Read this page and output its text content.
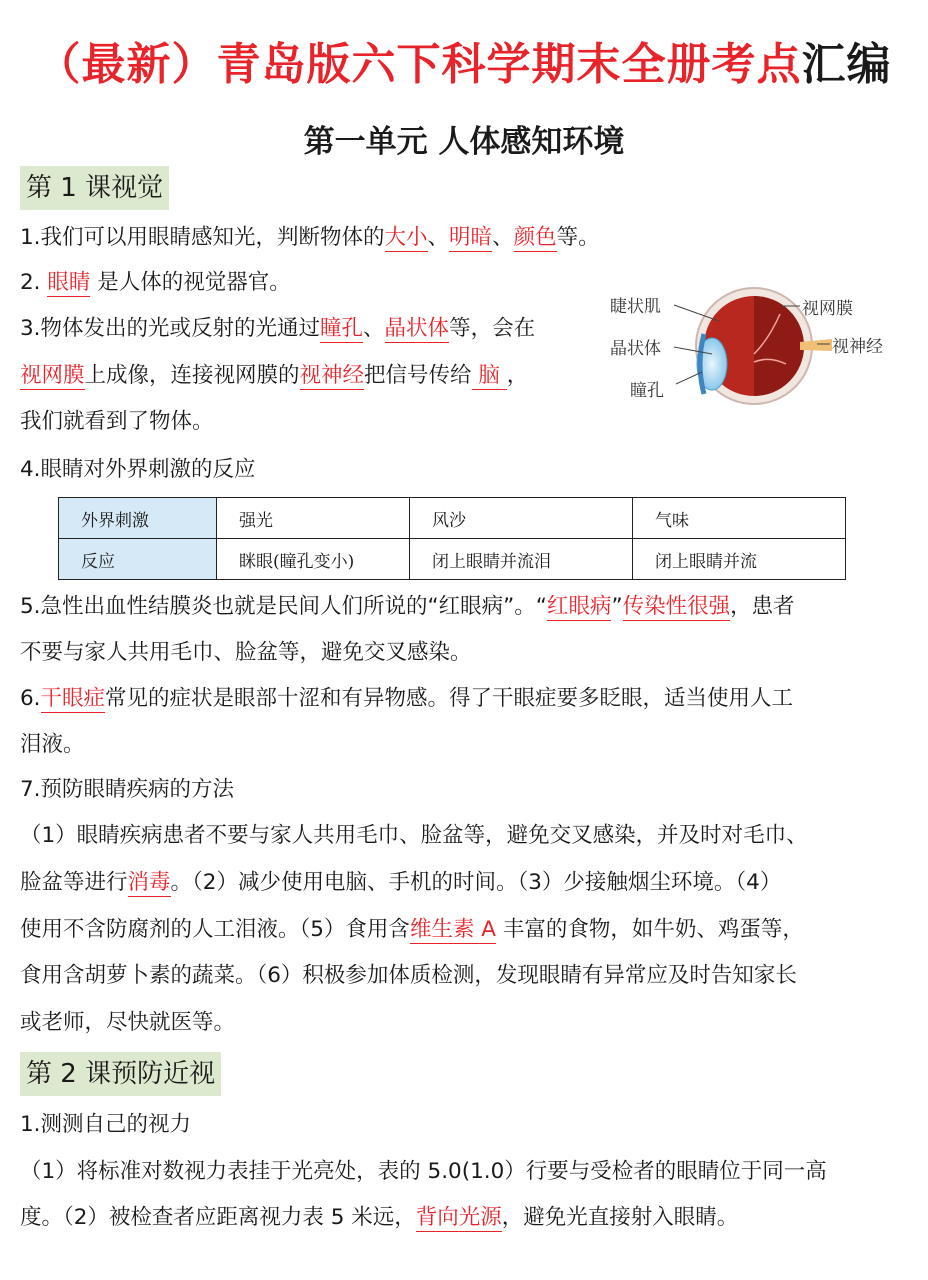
（最新）青岛版六下科学期末全册考点汇编
第一单元 人体感知环境
第 1 课视觉
1.我们可以用眼睛感知光，判断物体的大小、明暗、颜色等。
2. 眼睛 是人体的视觉器官。
3.物体发出的光或反射的光通过瞳孔、晶状体等，会在
视网膜上成像，连接视网膜的视神经把信号传给 脑 ，
我们就看到了物体。
睫状肌
晶状体
瞳孔
视网膜
视神经
4.眼睛对外界刺激的反应
外界刺激	强光	风沙	气味
反应	眯眼(瞳孔变小)	闭上眼睛并流泪	闭上眼睛并流
5.急性出血性结膜炎也就是民间人们所说的“红眼病”。“红眼病”传染性很强，患者
不要与家人共用毛巾、脸盆等，避免交叉感染。
6.干眼症常见的症状是眼部十涩和有异物感。得了干眼症要多眨眼，适当使用人工
泪液。
7.预防眼睛疾病的方法
（1）眼睛疾病患者不要与家人共用毛巾、脸盆等，避免交叉感染，并及时对毛巾、
脸盆等进行消毒。（2）减少使用电脑、手机的时间。（3）少接触烟尘环境。（4）
使用不含防腐剂的人工泪液。（5）食用含维生素 A 丰富的食物，如牛奶、鸡蛋等，
食用含胡萝卜素的蔬菜。（6）积极参加体质检测，发现眼睛有异常应及时告知家长
或老师，尽快就医等。
第 2 课预防近视
1.测测自己的视力
（1）将标准对数视力表挂于光亮处，表的 5.0(1.0）行要与受检者的眼睛位于同一高
度。（2）被检查者应距离视力表 5 米远，背向光源，避免光直接射入眼睛。
